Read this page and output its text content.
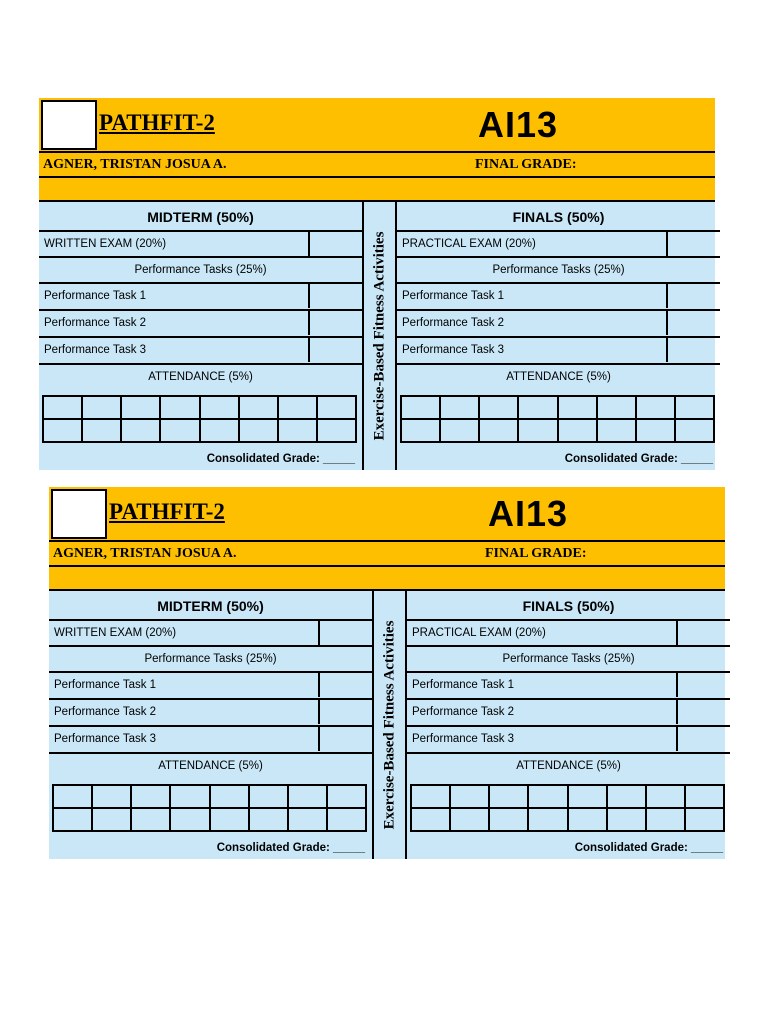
PATHFIT-2	AI13
AGNER, TRISTAN JOSUA A.	FINAL GRADE:
MIDTERM (50%)
WRITTEN EXAM (20%)
Performance Tasks (25%)
Performance Task 1
Performance Task 2
Performance Task 3
ATTENDANCE (5%)
Consolidated Grade: _____
Exercise-Based Fitness Activities
FINALS (50%)
PRACTICAL EXAM (20%)
Performance Tasks (25%)
Performance Task 1
Performance Task 2
Performance Task 3
ATTENDANCE (5%)
Consolidated Grade: _____
PATHFIT-2	AI13
AGNER, TRISTAN JOSUA A.	FINAL GRADE:
MIDTERM (50%)
WRITTEN EXAM (20%)
Performance Tasks (25%)
Performance Task 1
Performance Task 2
Performance Task 3
ATTENDANCE (5%)
Consolidated Grade: _____
Exercise-Based Fitness Activities
FINALS (50%)
PRACTICAL EXAM (20%)
Performance Tasks (25%)
Performance Task 1
Performance Task 2
Performance Task 3
ATTENDANCE (5%)
Consolidated Grade: _____
